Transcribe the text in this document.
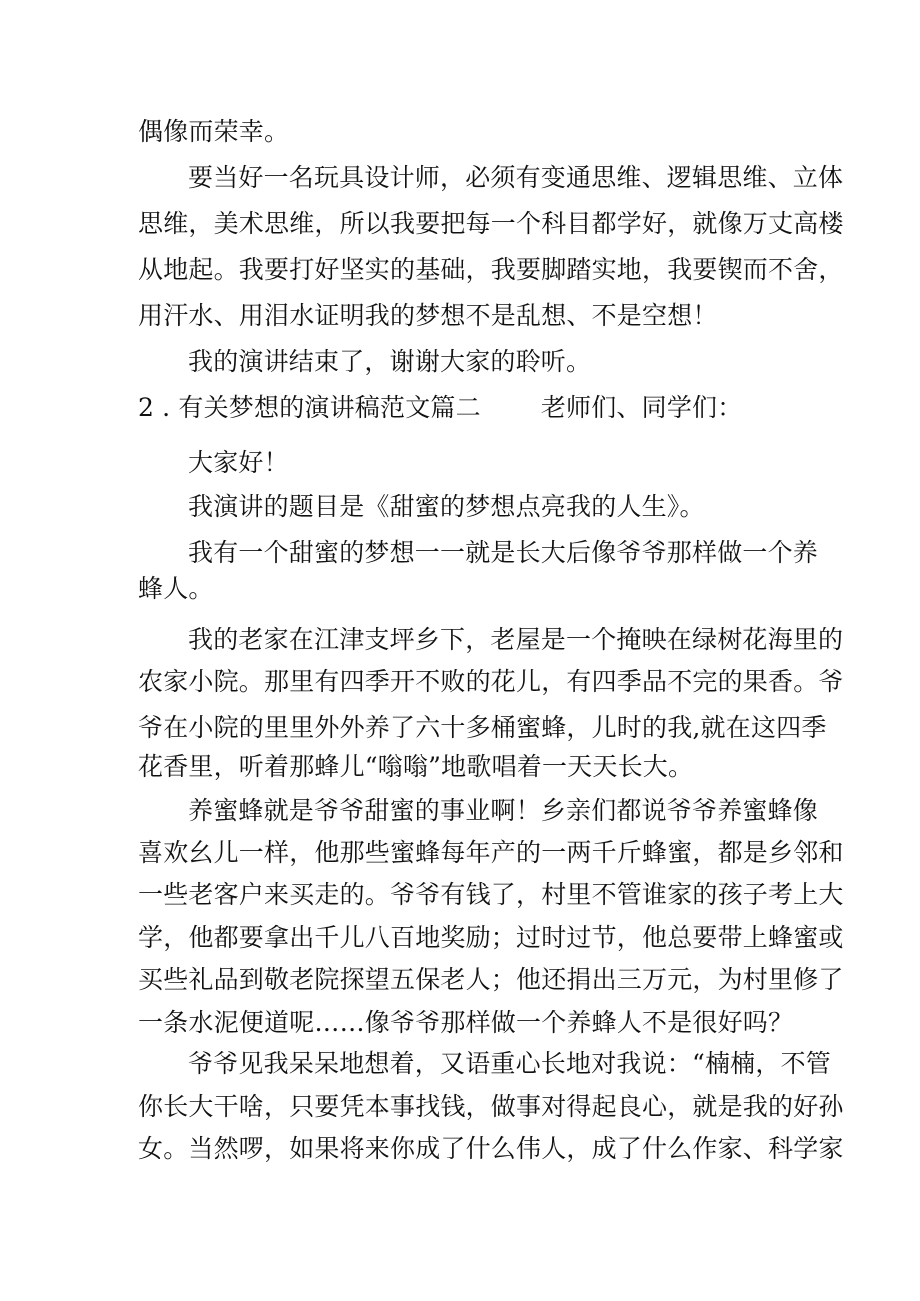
偶像而荣幸。
要当好一名玩具设计师，必须有变通思维、逻辑思维、立体
思维，美术思维，所以我要把每一个科目都学好，就像万丈高楼
从地起。我要打好坚实的基础，我要脚踏实地，我要锲而不舍，
用汗水、用泪水证明我的梦想不是乱想、不是空想！
我的演讲结束了，谢谢大家的聆听。
2 . 有关梦想的演讲稿范文篇二 老师们、同学们：
大家好！
我演讲的题目是《甜蜜的梦想点亮我的人生》。
我有一个甜蜜的梦想一一就是长大后像爷爷那样做一个养
蜂人。
我的老家在江津支坪乡下，老屋是一个掩映在绿树花海里的
农家小院。那里有四季开不败的花儿，有四季品不完的果香。爷
爷在小院的里里外外养了六十多桶蜜蜂，儿时的我,就在这四季
花香里，听着那蜂儿“嗡嗡”地歌唱着一天天长大。
养蜜蜂就是爷爷甜蜜的事业啊！乡亲们都说爷爷养蜜蜂像
喜欢幺儿一样，他那些蜜蜂每年产的一两千斤蜂蜜，都是乡邻和
一些老客户来买走的。爷爷有钱了，村里不管谁家的孩子考上大
学，他都要拿出千儿八百地奖励；过时过节，他总要带上蜂蜜或
买些礼品到敬老院探望五保老人；他还捐出三万元，为村里修了
一条水泥便道呢……像爷爷那样做一个养蜂人不是很好吗？
爷爷见我呆呆地想着，又语重心长地对我说：“楠楠，不管
你长大干啥，只要凭本事找钱，做事对得起良心，就是我的好孙
女。当然啰，如果将来你成了什么伟人，成了什么作家、科学家
